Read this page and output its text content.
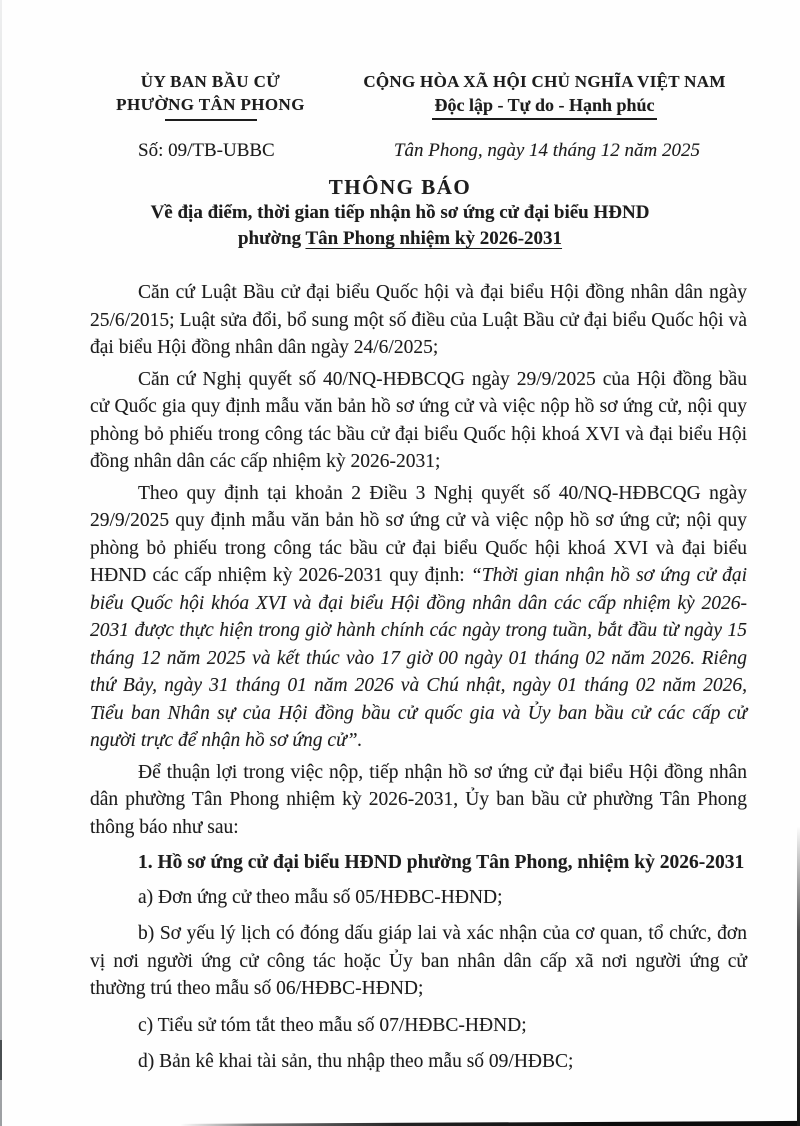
ỦY BAN BẦU CỬ
PHƯỜNG TÂN PHONG
CỘNG HÒA XÃ HỘI CHỦ NGHĨA VIỆT NAM
Độc lập - Tự do - Hạnh phúc
Số: 09/TB-UBBC	Tân Phong, ngày 14 tháng 12 năm 2025
THÔNG BÁO
Về địa điểm, thời gian tiếp nhận hồ sơ ứng cử đại biểu HĐND
phường Tân Phong nhiệm kỳ 2026-2031

Căn cứ Luật Bầu cử đại biểu Quốc hội và đại biểu Hội đồng nhân dân ngày 25/6/2015; Luật sửa đổi, bổ sung một số điều của Luật Bầu cử đại biểu Quốc hội và đại biểu Hội đồng nhân dân ngày 24/6/2025;

Căn cứ Nghị quyết số 40/NQ-HĐBCQG ngày 29/9/2025 của Hội đồng bầu cử Quốc gia quy định mẫu văn bản hồ sơ ứng cử và việc nộp hồ sơ ứng cử, nội quy phòng bỏ phiếu trong công tác bầu cử đại biểu Quốc hội khoá XVI và đại biểu Hội đồng nhân dân các cấp nhiệm kỳ 2026-2031;

Theo quy định tại khoản 2 Điều 3 Nghị quyết số 40/NQ-HĐBCQG ngày 29/9/2025 quy định mẫu văn bản hồ sơ ứng cử và việc nộp hồ sơ ứng cử; nội quy phòng bỏ phiếu trong công tác bầu cử đại biểu Quốc hội khoá XVI và đại biểu HĐND các cấp nhiệm kỳ 2026-2031 quy định: “Thời gian nhận hồ sơ ứng cử đại biểu Quốc hội khóa XVI và đại biểu Hội đồng nhân dân các cấp nhiệm kỳ 2026-2031 được thực hiện trong giờ hành chính các ngày trong tuần, bắt đầu từ ngày 15 tháng 12 năm 2025 và kết thúc vào 17 giờ 00 ngày 01 tháng 02 năm 2026. Riêng thứ Bảy, ngày 31 tháng 01 năm 2026 và Chú nhật, ngày 01 tháng 02 năm 2026, Tiểu ban Nhân sự của Hội đồng bầu cử quốc gia và Ủy ban bầu cử các cấp cử người trực để nhận hồ sơ ứng cử”.

Để thuận lợi trong việc nộp, tiếp nhận hồ sơ ứng cử đại biểu Hội đồng nhân dân phường Tân Phong nhiệm kỳ 2026-2031, Ủy ban bầu cử phường Tân Phong thông báo như sau:

1. Hồ sơ ứng cử đại biểu HĐND phường Tân Phong, nhiệm kỳ 2026-2031
a) Đơn ứng cử theo mẫu số 05/HĐBC-HĐND;
b) Sơ yếu lý lịch có đóng dấu giáp lai và xác nhận của cơ quan, tổ chức, đơn vị nơi người ứng cử công tác hoặc Ủy ban nhân dân cấp xã nơi người ứng cử thường trú theo mẫu số 06/HĐBC-HĐND;
c) Tiểu sử tóm tắt theo mẫu số 07/HĐBC-HĐND;
d) Bản kê khai tài sản, thu nhập theo mẫu số 09/HĐBC;
